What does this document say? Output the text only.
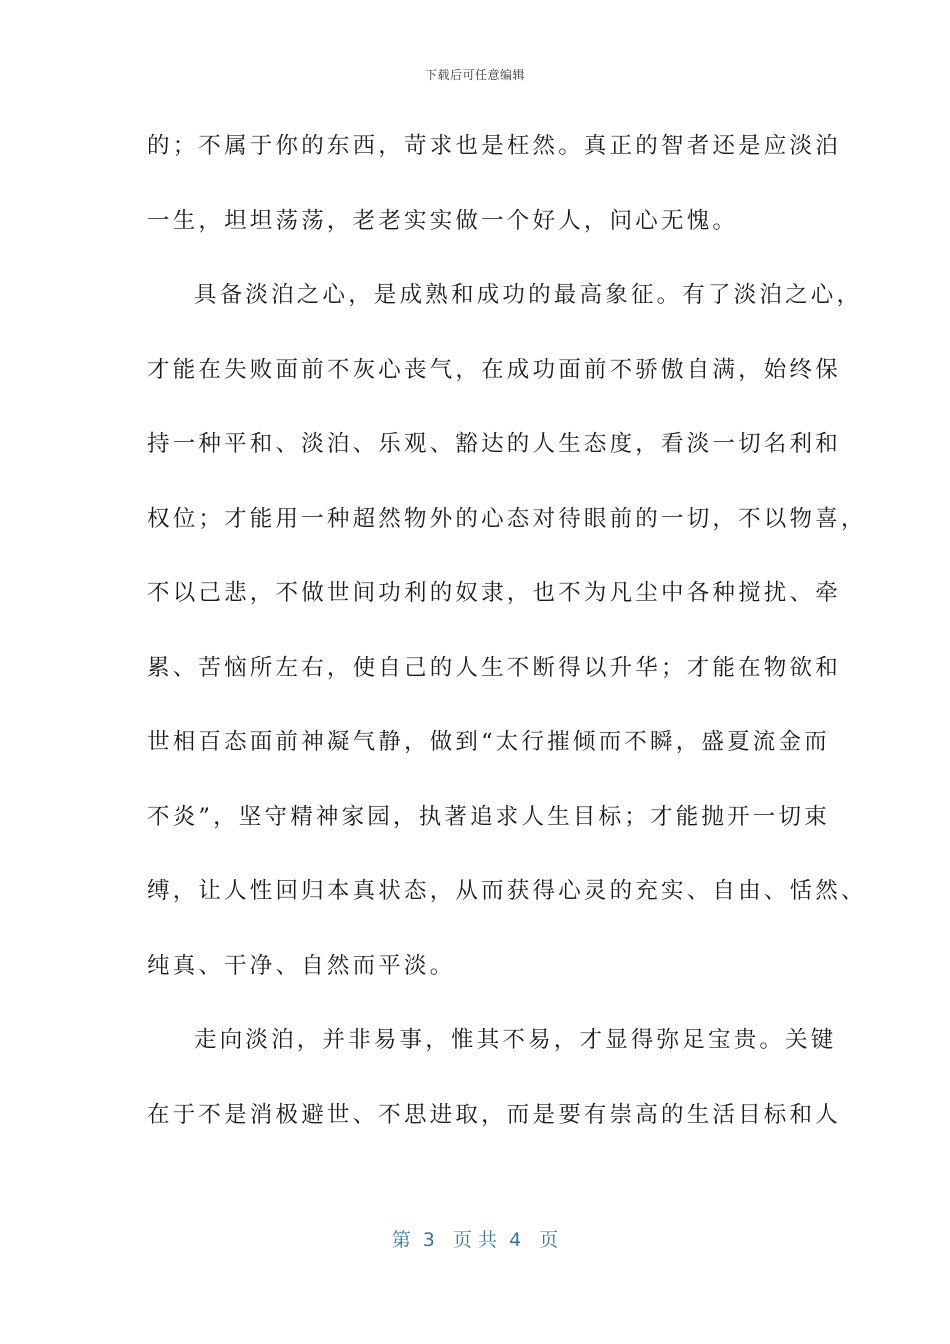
下载后可任意编辑
的；不属于你的东西，苛求也是枉然。真正的智者还是应淡泊
一生，坦坦荡荡，老老实实做一个好人，问心无愧。
具备淡泊之心，是成熟和成功的最高象征。有了淡泊之心，
才能在失败面前不灰心丧气，在成功面前不骄傲自满，始终保
持一种平和、淡泊、乐观、豁达的人生态度，看淡一切名利和
权位；才能用一种超然物外的心态对待眼前的一切，不以物喜，
不以己悲，不做世间功利的奴隶，也不为凡尘中各种搅扰、牵
累、苦恼所左右，使自己的人生不断得以升华；才能在物欲和
世相百态面前神凝气静，做到“太行摧倾而不瞬，盛夏流金而
不炎”，坚守精神家园，执著追求人生目标；才能抛开一切束
缚，让人性回归本真状态，从而获得心灵的充实、自由、恬然、
纯真、干净、自然而平淡。
走向淡泊，并非易事，惟其不易，才显得弥足宝贵。关键
在于不是消极避世、不思进取，而是要有崇高的生活目标和人
第  3   页 共  4   页
